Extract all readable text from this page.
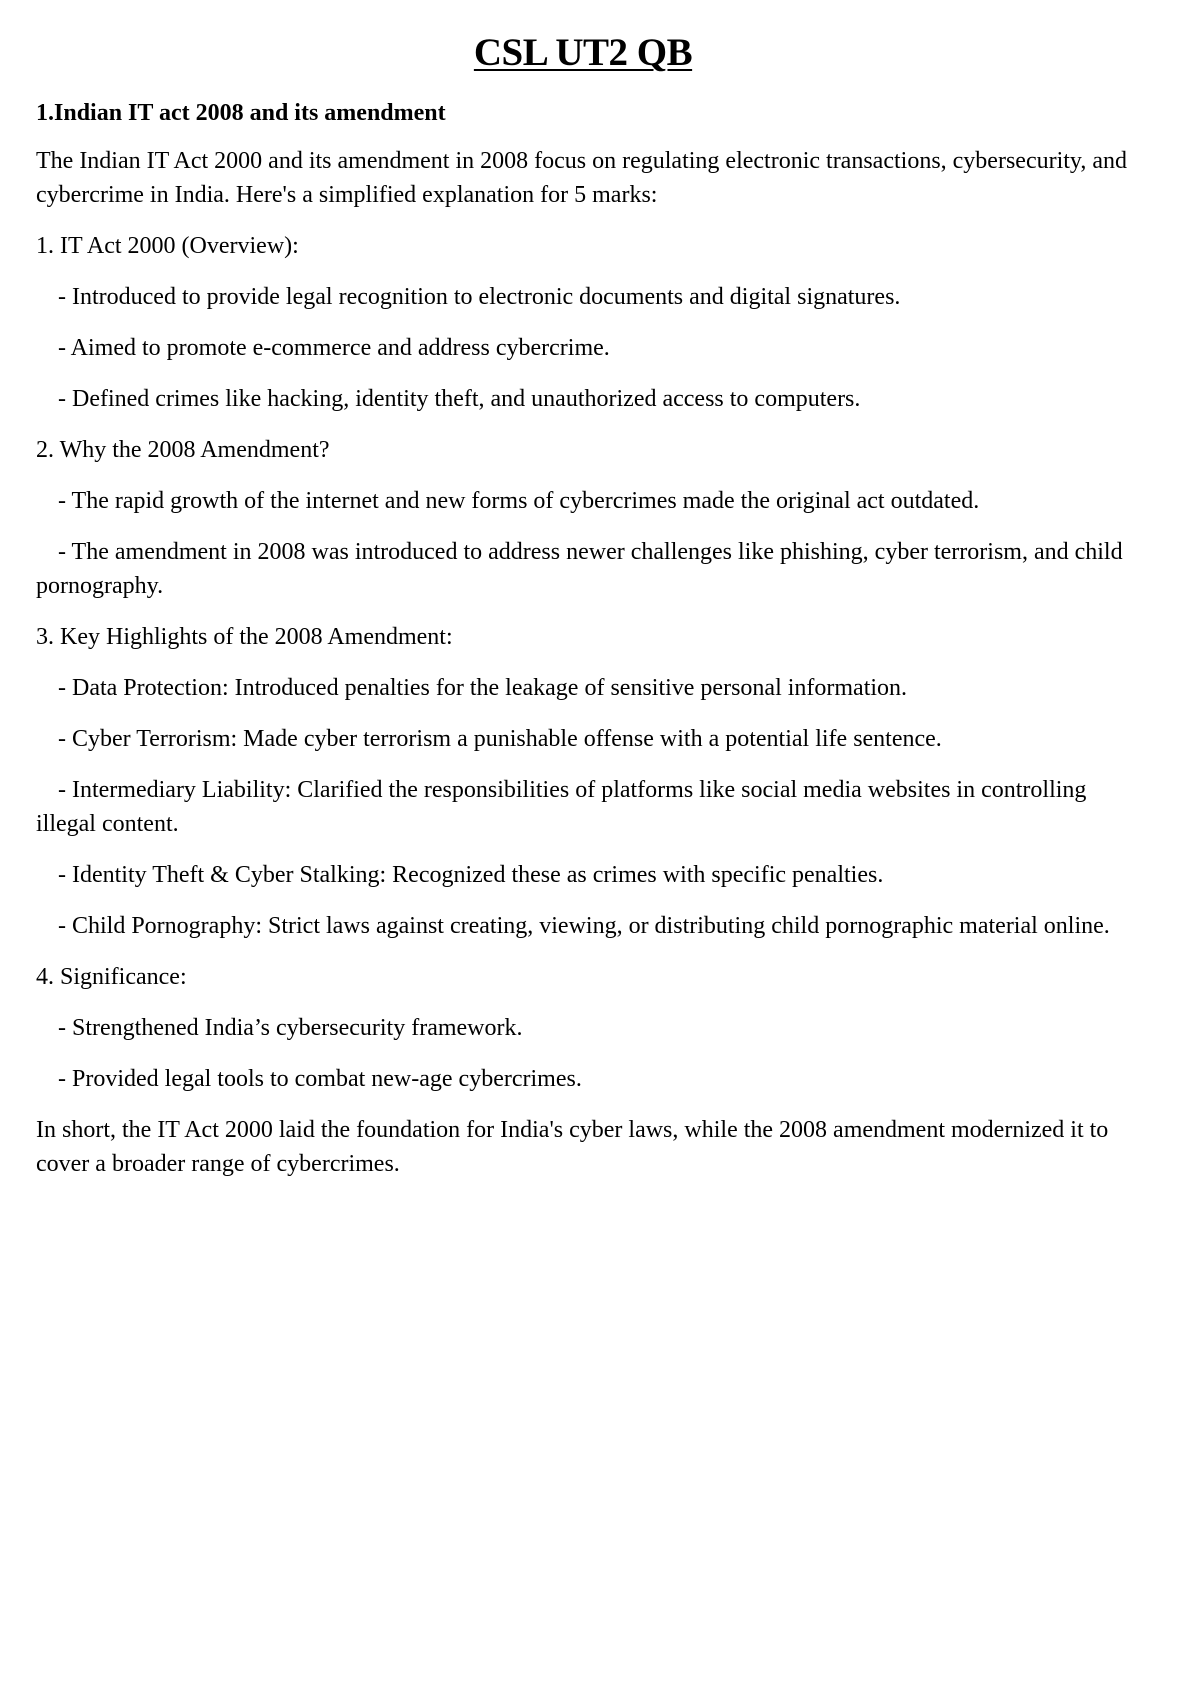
CSL UT2 QB

1.Indian IT act 2008 and its amendment

The Indian IT Act 2000 and its amendment in 2008 focus on regulating electronic transactions, cybersecurity, and cybercrime in India. Here's a simplified explanation for 5 marks:

1. IT Act 2000 (Overview):

- Introduced to provide legal recognition to electronic documents and digital signatures.

- Aimed to promote e-commerce and address cybercrime.

- Defined crimes like hacking, identity theft, and unauthorized access to computers.

2. Why the 2008 Amendment?

- The rapid growth of the internet and new forms of cybercrimes made the original act outdated.

- The amendment in 2008 was introduced to address newer challenges like phishing, cyber terrorism, and child pornography.

3. Key Highlights of the 2008 Amendment:

- Data Protection: Introduced penalties for the leakage of sensitive personal information.

- Cyber Terrorism: Made cyber terrorism a punishable offense with a potential life sentence.

- Intermediary Liability: Clarified the responsibilities of platforms like social media websites in controlling illegal content.

- Identity Theft & Cyber Stalking: Recognized these as crimes with specific penalties.

- Child Pornography: Strict laws against creating, viewing, or distributing child pornographic material online.

4. Significance:

- Strengthened India’s cybersecurity framework.

- Provided legal tools to combat new-age cybercrimes.

In short, the IT Act 2000 laid the foundation for India's cyber laws, while the 2008 amendment modernized it to cover a broader range of cybercrimes.
